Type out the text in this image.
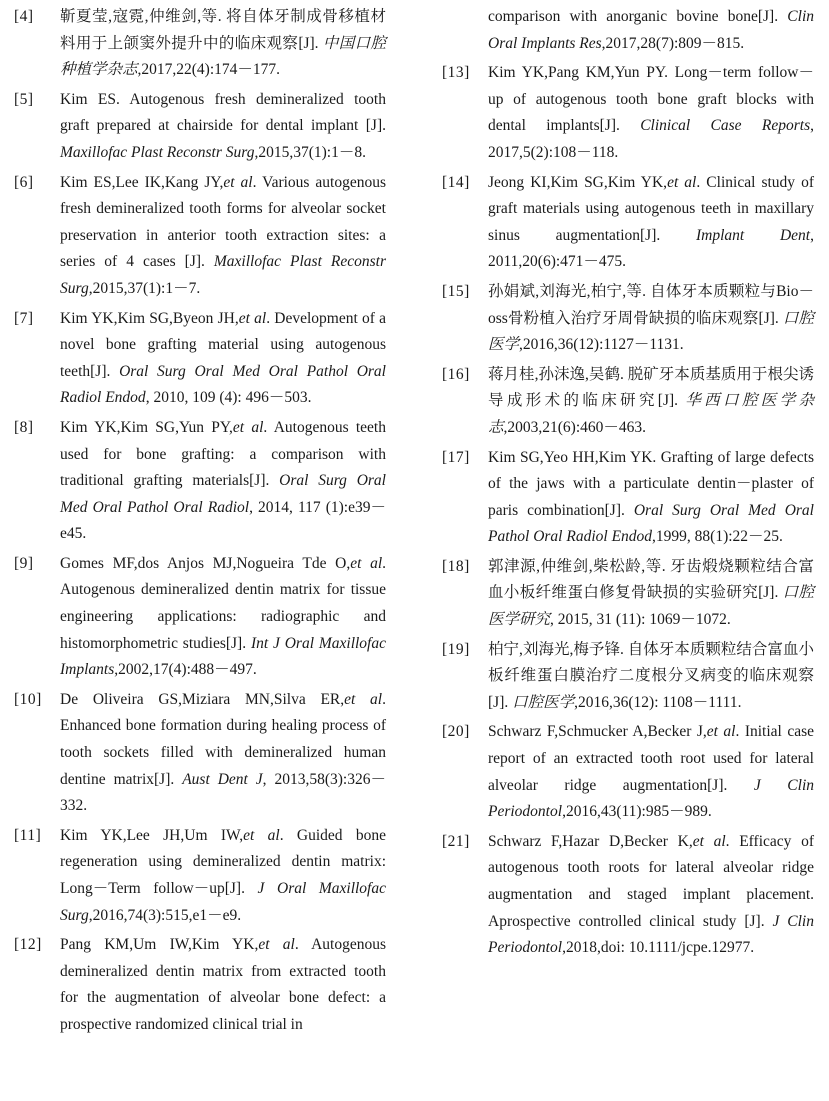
[4]	靳夏莹,寇霓,仲维剑,等. 将自体牙制成骨移植材料用于上颌窦外提升中的临床观察[J]. 中国口腔种植学杂志,2017,22(4):174－177.
[5]	Kim ES. Autogenous fresh demineralized tooth graft prepared at chairside for dental implant [J]. Maxillofac Plast Reconstr Surg,2015,37(1):1－8.
[6]	Kim ES,Lee IK,Kang JY,et al. Various autogenous fresh demineralized tooth forms for alveolar socket preservation in anterior tooth extraction sites: a series of 4 cases [J]. Maxillofac Plast Reconstr Surg,2015,37(1):1－7.
[7]	Kim YK,Kim SG,Byeon JH,et al. Development of a novel bone grafting material using autogenous teeth[J]. Oral Surg Oral Med Oral Pathol Oral Radiol Endod, 2010, 109 (4): 496－503.
[8]	Kim YK,Kim SG,Yun PY,et al. Autogenous teeth used for bone grafting: a comparison with traditional grafting materials[J]. Oral Surg Oral Med Oral Pathol Oral Radiol, 2014, 117 (1):e39－e45.
[9]	Gomes MF,dos Anjos MJ,Nogueira Tde O,et al. Autogenous demineralized dentin matrix for tissue engineering applications: radiographic and histomorphometric studies[J]. Int J Oral Maxillofac Implants,2002,17(4):488－497.
[10]	De Oliveira GS,Miziara MN,Silva ER,et al. Enhanced bone formation during healing process of tooth sockets filled with demineralized human dentine matrix[J]. Aust Dent J, 2013,58(3):326－332.
[11]	Kim YK,Lee JH,Um IW,et al. Guided bone regeneration using demineralized dentin matrix: Long－Term follow－up[J]. J Oral Maxillofac Surg,2016,74(3):515,e1－e9.
[12]	Pang KM,Um IW,Kim YK,et al. Autogenous demineralized dentin matrix from extracted tooth for the augmentation of alveolar bone defect: a prospective randomized clinical trial in
comparison with anorganic bovine bone[J]. Clin Oral Implants Res,2017,28(7):809－815.
[13]	Kim YK,Pang KM,Yun PY. Long－term follow－up of autogenous tooth bone graft blocks with dental implants[J]. Clinical Case Reports, 2017,5(2):108－118.
[14]	Jeong KI,Kim SG,Kim YK,et al. Clinical study of graft materials using autogenous teeth in maxillary sinus augmentation[J]. Implant Dent, 2011,20(6):471－475.
[15]	孙娟斌,刘海光,柏宁,等. 自体牙本质颗粒与Bio－oss骨粉植入治疗牙周骨缺损的临床观察[J]. 口腔医学,2016,36(12):1127－1131.
[16]	蒋月桂,孙沫逸,吴鹤. 脱矿牙本质基质用于根尖诱导成形术的临床研究[J]. 华西口腔医学杂志,2003,21(6):460－463.
[17]	Kim SG,Yeo HH,Kim YK. Grafting of large defects of the jaws with a particulate dentin－plaster of paris combination[J]. Oral Surg Oral Med Oral Pathol Oral Radiol Endod,1999, 88(1):22－25.
[18]	郭津源,仲维剑,柴松龄,等. 牙齿煅烧颗粒结合富血小板纤维蛋白修复骨缺损的实验研究[J]. 口腔医学研究, 2015, 31 (11): 1069－1072.
[19]	柏宁,刘海光,梅予锋. 自体牙本质颗粒结合富血小板纤维蛋白膜治疗二度根分叉病变的临床观察[J]. 口腔医学,2016,36(12): 1108－1111.
[20]	Schwarz F,Schmucker A,Becker J,et al. Initial case report of an extracted tooth root used for lateral alveolar ridge augmentation[J]. J Clin Periodontol,2016,43(11):985－989.
[21]	Schwarz F,Hazar D,Becker K,et al. Efficacy of autogenous tooth roots for lateral alveolar ridge augmentation and staged implant placement. Aprospective controlled clinical study [J]. J Clin Periodontol,2018,doi: 10.1111/jcpe.12977.
